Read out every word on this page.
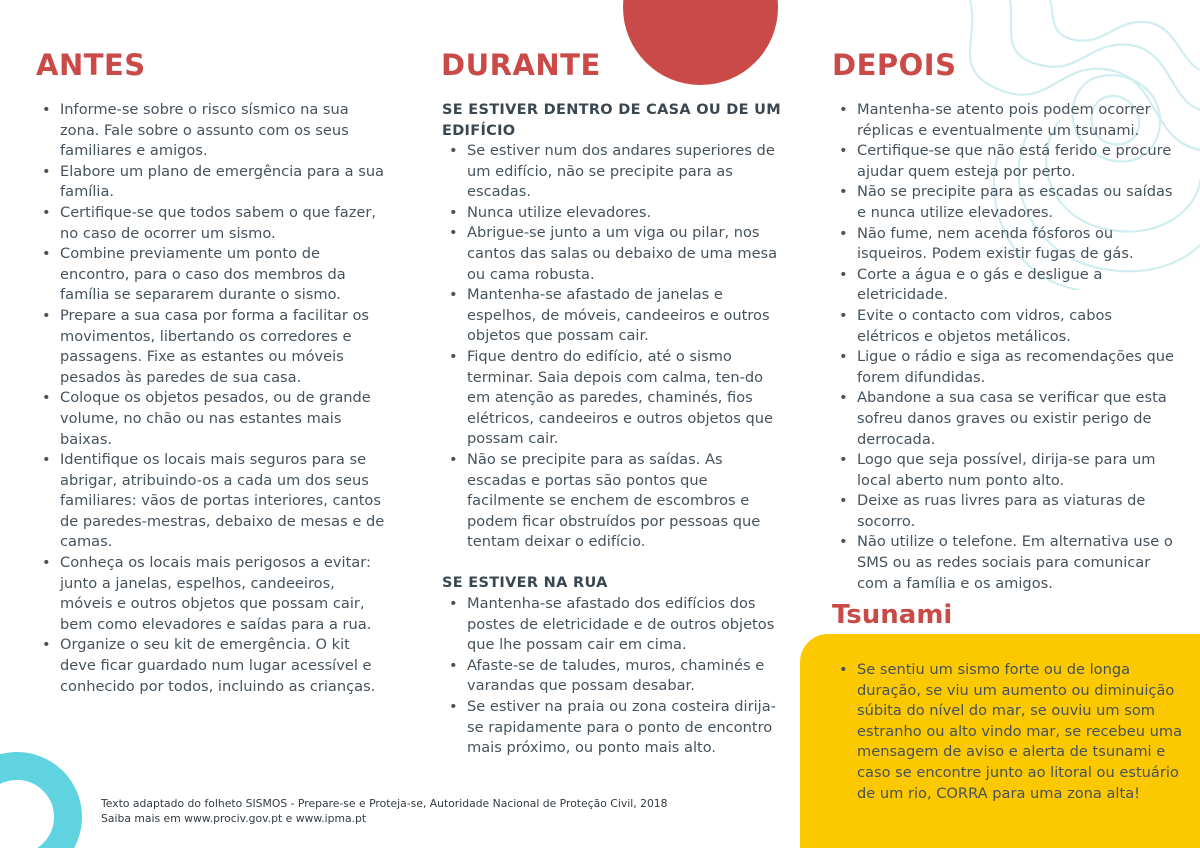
ANTES
• Informe-se sobre o risco sísmico na sua zona. Fale sobre o assunto com os seus familiares e amigos.
• Elabore um plano de emergência para a sua família.
• Certifique-se que todos sabem o que fazer, no caso de ocorrer um sismo.
• Combine previamente um ponto de encontro, para o caso dos membros da família se separarem durante o sismo.
• Prepare a sua casa por forma a facilitar os movimentos, libertando os corredores e passagens. Fixe as estantes ou móveis pesados às paredes de sua casa.
• Coloque os objetos pesados, ou de grande volume, no chão ou nas estantes mais baixas.
• Identifique os locais mais seguros para se abrigar, atribuindo-os a cada um dos seus familiares: vãos de portas interiores, cantos de paredes-mestras, debaixo de mesas e de camas.
• Conheça os locais mais perigosos a evitar: junto a janelas, espelhos, candeeiros, móveis e outros objetos que possam cair, bem como elevadores e saídas para a rua.
• Organize o seu kit de emergência. O kit deve ficar guardado num lugar acessível e conhecido por todos, incluindo as crianças.
DURANTE
SE ESTIVER DENTRO DE CASA OU DE UM EDIFÍCIO
• Se estiver num dos andares superiores de um edifício, não se precipite para as escadas.
• Nunca utilize elevadores.
• Abrigue-se junto a um viga ou pilar, nos cantos das salas ou debaixo de uma mesa ou cama robusta.
• Mantenha-se afastado de janelas e espelhos, de móveis, candeeiros e outros objetos que possam cair.
• Fique dentro do edifício, até o sismo terminar. Saia depois com calma, ten-do em atenção as paredes, chaminés, fios elétricos, candeeiros e outros objetos que possam cair.
• Não se precipite para as saídas. As escadas e portas são pontos que facilmente se enchem de escombros e podem ficar obstruídos por pessoas que tentam deixar o edifício.
SE ESTIVER NA RUA
• Mantenha-se afastado dos edifícios dos postes de eletricidade e de outros objetos que lhe possam cair em cima.
• Afaste-se de taludes, muros, chaminés e varandas que possam desabar.
• Se estiver na praia ou zona costeira dirija-se rapidamente para o ponto de encontro mais próximo, ou ponto mais alto.
DEPOIS
• Mantenha-se atento pois podem ocorrer réplicas e eventualmente um tsunami.
• Certifique-se que não está ferido e procure ajudar quem esteja por perto.
• Não se precipite para as escadas ou saídas e nunca utilize elevadores.
• Não fume, nem acenda fósforos ou isqueiros. Podem existir fugas de gás.
• Corte a água e o gás e desligue a eletricidade.
• Evite o contacto com vidros, cabos elétricos e objetos metálicos.
• Ligue o rádio e siga as recomendações que forem difundidas.
• Abandone a sua casa se verificar que esta sofreu danos graves ou existir perigo de derrocada.
• Logo que seja possível, dirija-se para um local aberto num ponto alto.
• Deixe as ruas livres para as viaturas de socorro.
• Não utilize o telefone. Em alternativa use o SMS ou as redes sociais para comunicar com a família e os amigos.
Tsunami
• Se sentiu um sismo forte ou de longa duração, se viu um aumento ou diminuição súbita do nível do mar, se ouviu um som estranho ou alto vindo mar, se recebeu uma mensagem de aviso e alerta de tsunami e caso se encontre junto ao litoral ou estuário de um rio, CORRA para uma zona alta!
Texto adaptado do folheto SISMOS - Prepare-se e Proteja-se, Autoridade Nacional de Proteção Civil, 2018
Saiba mais em www.prociv.gov.pt e www.ipma.pt
